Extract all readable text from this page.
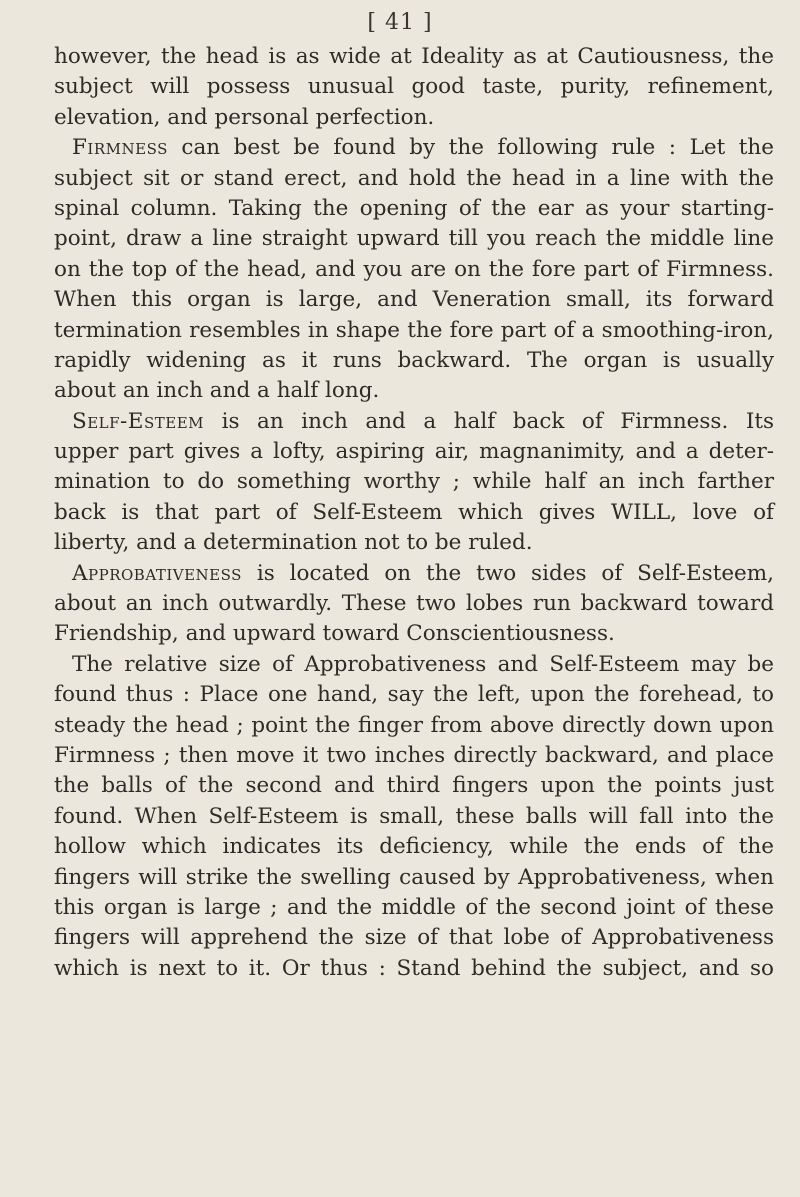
[ 41 ]
however, the head is as wide at Ideality as at Cautiousness, the
subject will possess unusual good taste, purity, refinement,
elevation, and personal perfection.
Firmness can best be found by the following rule : Let the
subject sit or stand erect, and hold the head in a line with the
spinal column. Taking the opening of the ear as your starting-
point, draw a line straight upward till you reach the middle line
on the top of the head, and you are on the fore part of Firmness.
When this organ is large, and Veneration small, its forward
termination resembles in shape the fore part of a smoothing-iron,
rapidly widening as it runs backward. The organ is usually
about an inch and a half long.
Self-Esteem is an inch and a half back of Firmness. Its
upper part gives a lofty, aspiring air, magnanimity, and a deter-
mination to do something worthy ; while half an inch farther
back is that part of Self-Esteem which gives WILL, love of
liberty, and a determination not to be ruled.
Approbativeness is located on the two sides of Self-Esteem,
about an inch outwardly. These two lobes run backward toward
Friendship, and upward toward Conscientiousness.
The relative size of Approbativeness and Self-Esteem may be
found thus : Place one hand, say the left, upon the forehead, to
steady the head ; point the finger from above directly down upon
Firmness ; then move it two inches directly backward, and place
the balls of the second and third fingers upon the points just
found. When Self-Esteem is small, these balls will fall into the
hollow which indicates its deficiency, while the ends of the
fingers will strike the swelling caused by Approbativeness, when
this organ is large ; and the middle of the second joint of these
fingers will apprehend the size of that lobe of Approbativeness
which is next to it. Or thus : Stand behind the subject, and so
